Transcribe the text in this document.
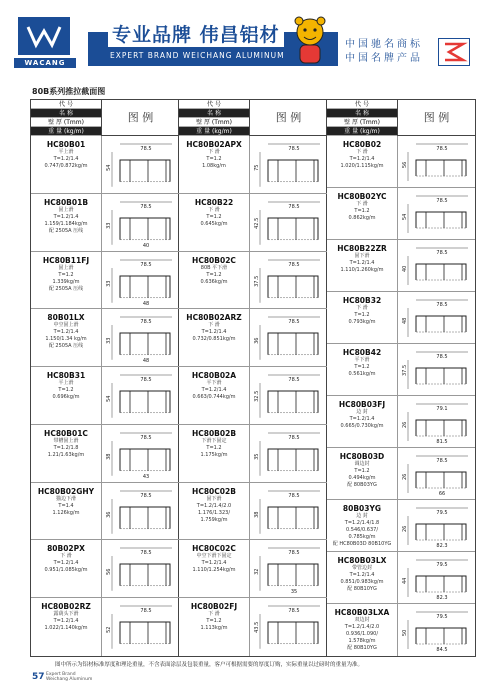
WACANG
专业品牌 伟昌铝材
EXPERT BRAND WEICHANG ALUMINUM
中国驰名商标
中国名牌产品
80B系列推拉截面图
代 号
名 称
壁 厚 (Tmm)
重 量 (kg/m)
图 例
HC80B01
平上滑
T=1.2/1.4
0.747/0.872kg/m
78.5
54
HC80B01B
固上滑
T=1.2/1.4
1.159/1.184kg/m
配 2505A 压线
78.5
33
40
HC80B11FJ
固上滑
T=1.2
1.339kg/m
配 2505A 压线
78.5
33
48
80B01LX
中空固上滑
T=1.2/1.4
1.150/1.34 kg/m
配 2505A 压线
78.5
33
48
HC80B31
平上滑
T=1.2
0.696kg/m
78.5
54
HC80B01C
带槽固上滑
T=1.2/1.8
1.21/1.63kg/m
78.5
38
43
HC80B02GHY
猫边下滑
T=1.4
1.126kg/m
78.5
36
80B02PX
下 滑
T=1.2/1.4
0.951/1.085kg/m
78.5
56
HC80B02RZ
露葫头下滑
T=1.2/1.4
1.022/1.140kg/m
78.5
52
代 号
名 称
壁 厚 (Tmm)
重 量 (kg/m)
图 例
HC80B02APX
下 滑
T=1.2
1.08kg/m
78.5
75
HC80B22
下 滑
T=1.2
0.645kg/m
78.5
42.5
HC80B02C
80B 平下滑
T=1.2
0.636kg/m
78.5
37.5
HC80B02ARZ
下 滑
T=1.2/1.4
0.732/0.851kg/m
78.5
36
HC80B02A
平下滑
T=1.2/1.4
0.663/0.744kg/m
78.5
32.5
HC80B02B
下滑下固定
T=1.2
1.175kg/m
78.5
35
HC80C02B
固下滑
T=1.2/1.4/2.0
1.176/1.323/
1.759kg/m
78.5
38
HC80C02C
中空下滑下固定
T=1.2/1.4
1.110/1.254kg/m
78.5
32
35
HC80B02FJ
下 滑
T=1.2
1.113kg/m
78.5
43.5
代 号
名 称
壁 厚 (Tmm)
重 量 (kg/m)
图 例
HC80B02
下 滑
T=1.2/1.4
1.020/1.115kg/m
78.5
56
HC80B02YC
下 滑
T=1.2
0.862kg/m
78.5
54
HC80B22ZR
固下滑
T=1.2/1.4
1.110/1.260kg/m
78.5
40
HC80B32
下 滑
T=1.2
0.793kg/m
78.5
48
HC80B42
平下滑
T=1.2
0.561kg/m
78.5
37.5
HC80B03FJ
边 封
T=1.2/1.4
0.665/0.730kg/m
79.1
26
81.5
HC80B03D
调边封
T=1.2
0.494kg/m
配 80B03YG
78.5
26
66
80B03YG
边 封
T=1.2/1.4/1.8
0.546/0.637/
0.785kg/m
配 HC80B03D 80B10YG
79.5
26
82.3
HC80B03LX
带管边封
T=1.2/1.4
0.851/0.983kg/m
配 80B10YG
79.5
44
82.3
HC80B03LXA
双边封
T=1.2/1.4/2.0
0.936/1.090/
1.578kg/m
配 80B10YG
79.5
50
84.5
图中所示为铝材标准厚度和理论重量，不含表面涂层及包装重量，客户可根据需要的厚度订购，实际重量以过磅时的重量为准。
57 Expert Brand
Weichang Aluminum
